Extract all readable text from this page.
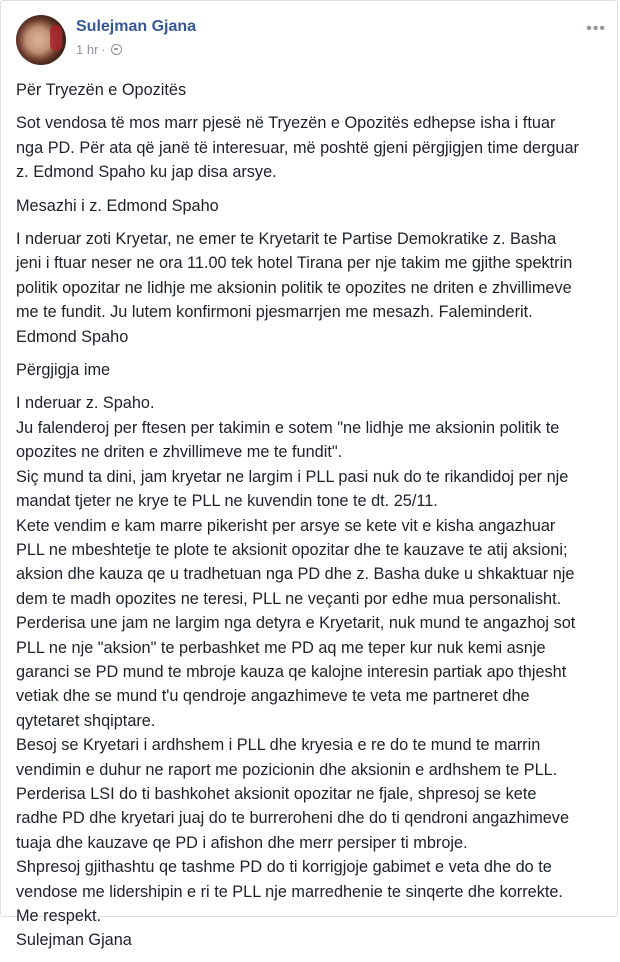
Sulejman Gjana
1 hr ·
•••

Për Tryezën e Opozitës

Sot vendosa të mos marr pjesë në Tryezën e Opozitës edhepse isha i ftuar
nga PD. Për ata që janë të interesuar, më poshtë gjeni përgjigjen time derguar
z. Edmond Spaho ku jap disa arsye.

Mesazhi i z. Edmond Spaho

I nderuar zoti Kryetar, ne emer te Kryetarit te Partise Demokratike z. Basha
jeni i ftuar neser ne ora 11.00 tek hotel Tirana per nje takim me gjithe spektrin
politik opozitar ne lidhje me aksionin politik te opozites ne driten e zhvillimeve
me te fundit. Ju lutem konfirmoni pjesmarrjen me mesazh. Faleminderit.
Edmond Spaho

Përgjigja ime

I nderuar z. Spaho.
Ju falenderoj per ftesen per takimin e sotem "ne lidhje me aksionin politik te
opozites ne driten e zhvillimeve me te fundit".
Siç mund ta dini, jam kryetar ne largim i PLL pasi nuk do te rikandidoj per nje
mandat tjeter ne krye te PLL ne kuvendin tone te dt. 25/11.
Kete vendim e kam marre pikerisht per arsye se kete vit e kisha angazhuar
PLL ne mbeshtetje te plote te aksionit opozitar dhe te kauzave te atij aksioni;
aksion dhe kauza qe u tradhetuan nga PD dhe z. Basha duke u shkaktuar nje
dem te madh opozites ne teresi, PLL ne veçanti por edhe mua personalisht.
Perderisa une jam ne largim nga detyra e Kryetarit, nuk mund te angazhoj sot
PLL ne nje "aksion" te perbashket me PD aq me teper kur nuk kemi asnje
garanci se PD mund te mbroje kauza qe kalojne interesin partiak apo thjesht
vetiak dhe se mund t'u qendroje angazhimeve te veta me partneret dhe
qytetaret shqiptare.
Besoj se Kryetari i ardhshem i PLL dhe kryesia e re do te mund te marrin
vendimin e duhur ne raport me pozicionin dhe aksionin e ardhshem te PLL.
Perderisa LSI do ti bashkohet aksionit opozitar ne fjale, shpresoj se kete
radhe PD dhe kryetari juaj do te burreroheni dhe do ti qendroni angazhimeve
tuaja dhe kauzave qe PD i afishon dhe merr persiper ti mbroje.
Shpresoj gjithashtu qe tashme PD do ti korrigjoje gabimet e veta dhe do te
vendose me lidershipin e ri te PLL nje marredhenie te sinqerte dhe korrekte.
Me respekt.
Sulejman Gjana
